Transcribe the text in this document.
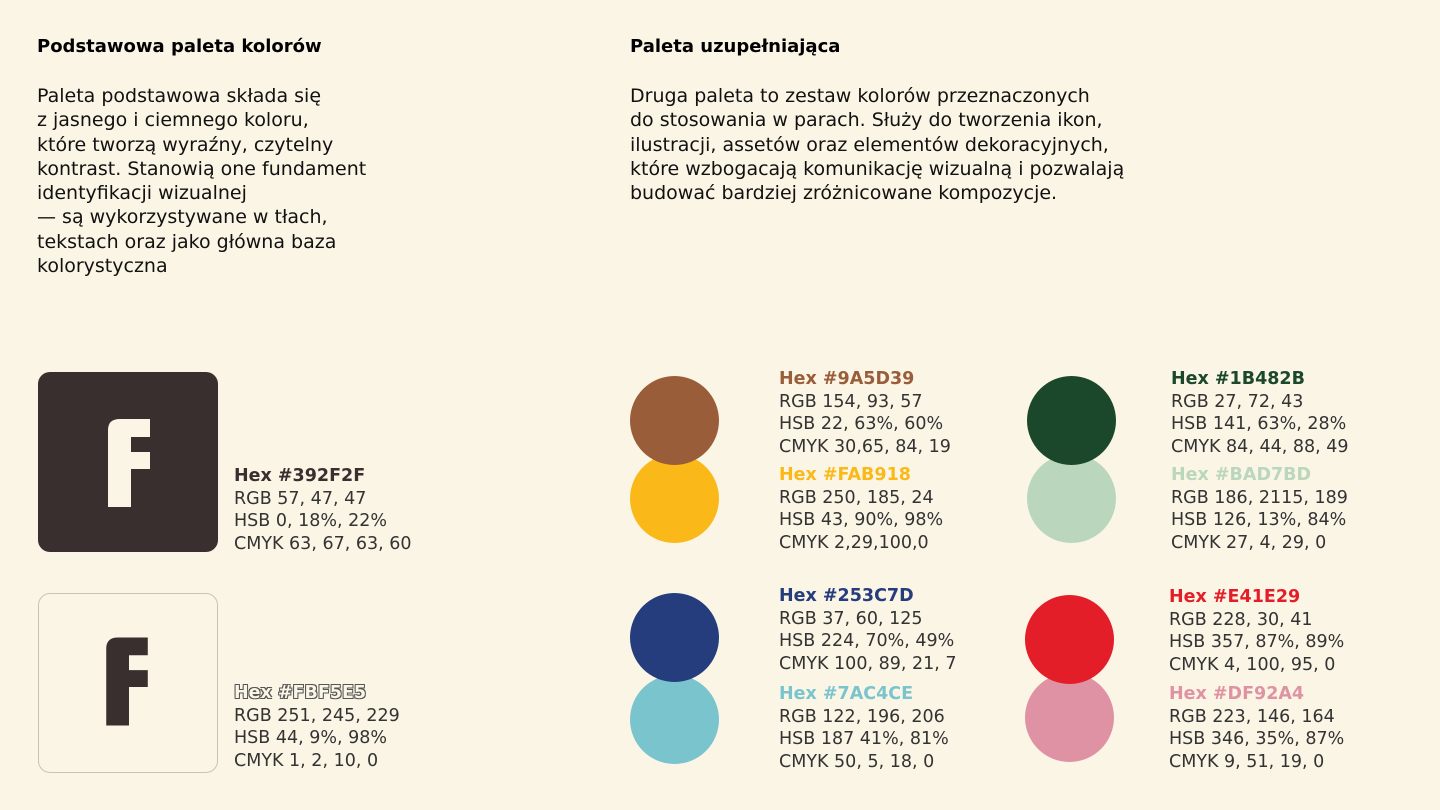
Podstawowa paleta kolorów
Paleta podstawowa składa się
z jasnego i ciemnego koloru,
które tworzą wyraźny, czytelny
kontrast. Stanowią one fundament
identyfikacji wizualnej
— są wykorzystywane w tłach,
tekstach oraz jako główna baza
kolorystyczna
Hex #392F2F
RGB 57, 47, 47
HSB 0, 18%, 22%
CMYK 63, 67, 63, 60
Hex #FBF5E5
RGB 251, 245, 229
HSB 44, 9%, 98%
CMYK 1, 2, 10, 0
Paleta uzupełniająca
Druga paleta to zestaw kolorów przeznaczonych
do stosowania w parach. Służy do tworzenia ikon,
ilustracji, assetów oraz elementów dekoracyjnych,
które wzbogacają komunikację wizualną i pozwalają
budować bardziej zróżnicowane kompozycje.
Hex #9A5D39
RGB 154, 93, 57
HSB 22, 63%, 60%
CMYK 30,65, 84, 19
Hex #FAB918
RGB 250, 185, 24
HSB 43, 90%, 98%
CMYK 2,29,100,0
Hex #1B482B
RGB 27, 72, 43
HSB 141, 63%, 28%
CMYK 84, 44, 88, 49
Hex #BAD7BD
RGB 186, 2115, 189
HSB 126, 13%, 84%
CMYK 27, 4, 29, 0
Hex #253C7D
RGB 37, 60, 125
HSB 224, 70%, 49%
CMYK 100, 89, 21, 7
Hex #7AC4CE
RGB 122, 196, 206
HSB 187 41%, 81%
CMYK 50, 5, 18, 0
Hex #E41E29
RGB 228, 30, 41
HSB 357, 87%, 89%
CMYK 4, 100, 95, 0
Hex #DF92A4
RGB 223, 146, 164
HSB 346, 35%, 87%
CMYK 9, 51, 19, 0
